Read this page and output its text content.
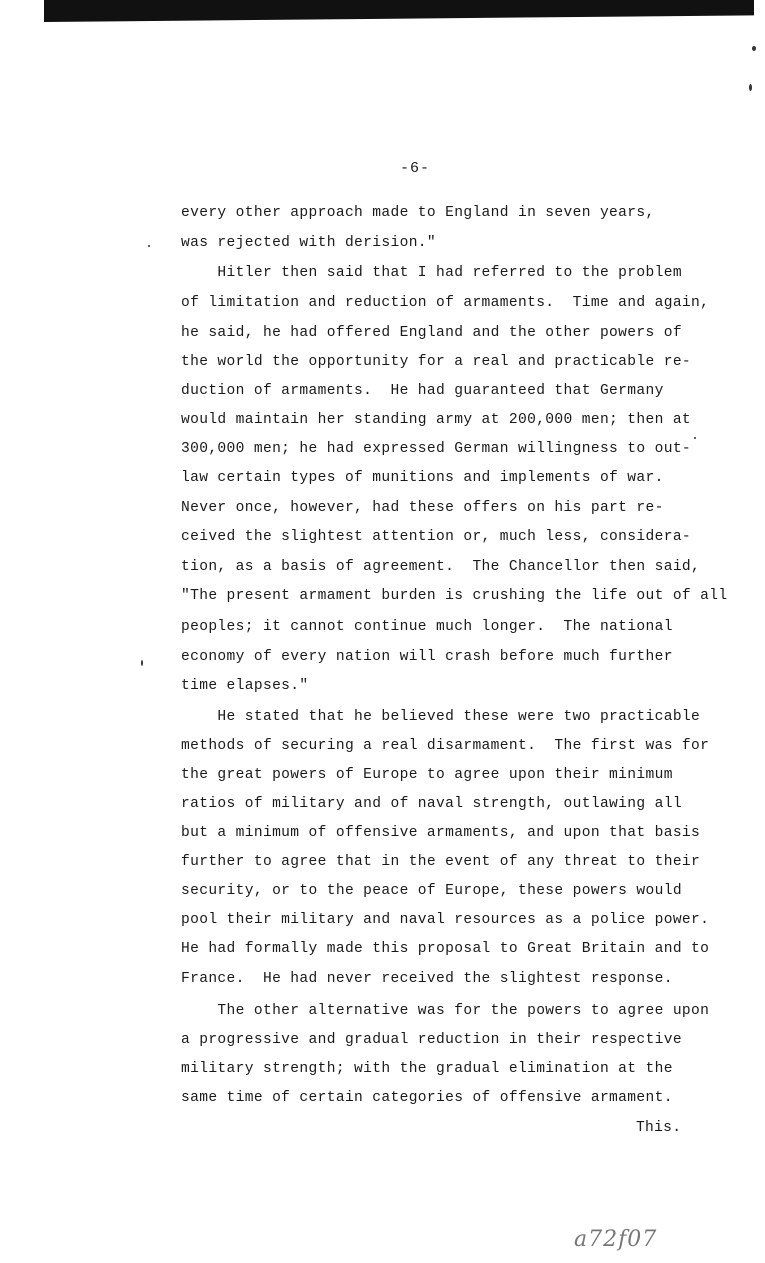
-6-
every other approach made to England in seven years,
was rejected with derision."
Hitler then said that I had referred to the problem
of limitation and reduction of armaments.  Time and again,
he said, he had offered England and the other powers of
the world the opportunity for a real and practicable re-
duction of armaments.  He had guaranteed that Germany
would maintain her standing army at 200,000 men; then at
300,000 men; he had expressed German willingness to out-
law certain types of munitions and implements of war.
Never once, however, had these offers on his part re-
ceived the slightest attention or, much less, considera-
tion, as a basis of agreement.  The Chancellor then said,
"The present armament burden is crushing the life out of all
peoples; it cannot continue much longer.  The national
economy of every nation will crash before much further
time elapses."
He stated that he believed these were two practicable
methods of securing a real disarmament.  The first was for
the great powers of Europe to agree upon their minimum
ratios of military and of naval strength, outlawing all
but a minimum of offensive armaments, and upon that basis
further to agree that in the event of any threat to their
security, or to the peace of Europe, these powers would
pool their military and naval resources as a police power.
He had formally made this proposal to Great Britain and to
France.  He had never received the slightest response.
The other alternative was for the powers to agree upon
a progressive and gradual reduction in their respective
military strength; with the gradual elimination at the
same time of certain categories of offensive armament.
This.
a72f07
